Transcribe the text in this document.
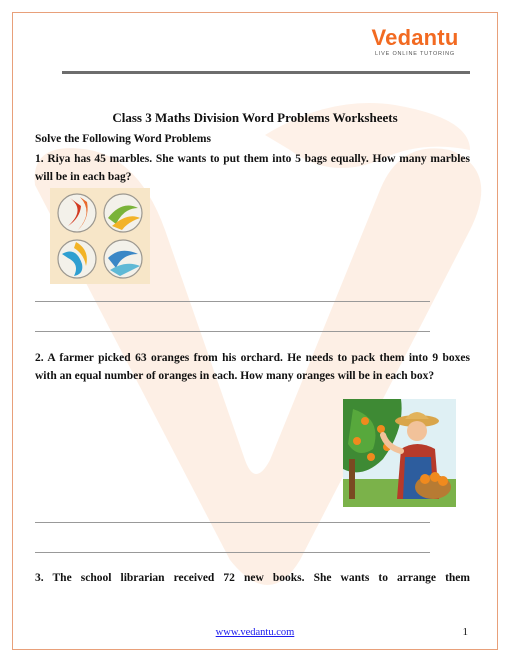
Vedantu
LIVE ONLINE TUTORING
Class 3 Maths Division Word Problems Worksheets
Solve the Following Word Problems
1. Riya has 45 marbles. She wants to put them into 5 bags equally. How many marbles will be in each bag?
2. A farmer picked 63 oranges from his orchard. He needs to pack them into 9 boxes with an equal number of oranges in each. How many oranges will be in each box?
3. The school librarian received 72 new books. She wants to arrange them
www.vedantu.com	1
